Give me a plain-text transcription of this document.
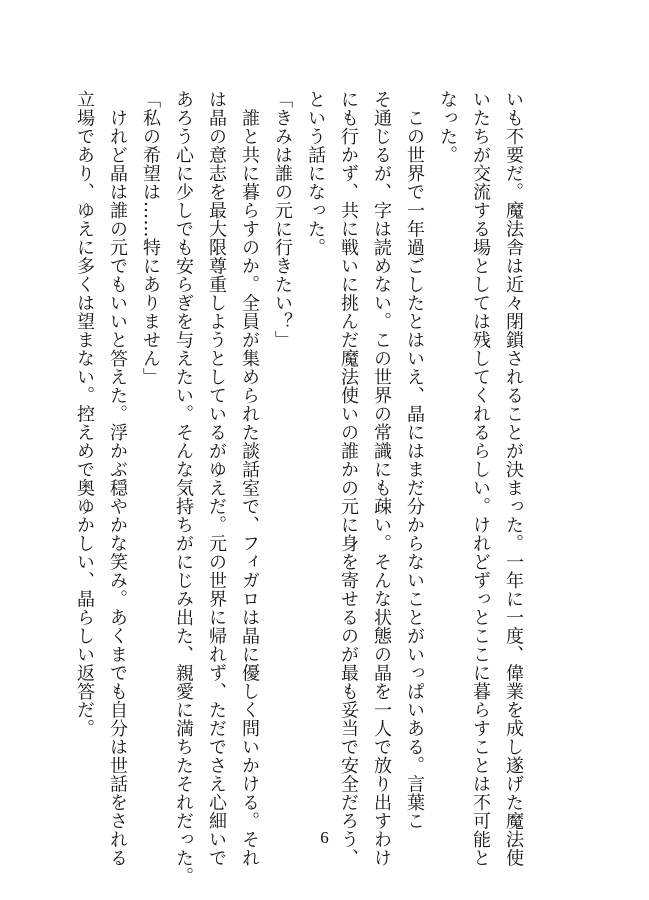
いも不要だ。魔法舎は近々閉鎖されることが決まった。一年に一度、偉業を成し遂げた魔法使

いたちが交流する場としては残してくれるらしい。けれどずっとここに暮らすことは不可能と

なった。

　この世界で一年過ごしたとはいえ、晶にはまだ分からないことがいっぱいある。言葉こ

そ通じるが、字は読めない。この世界の常識にも疎い。そんな状態の晶を一人で放り出すわけ

にも行かず、共に戦いに挑んだ魔法使いの誰かの元に身を寄せるのが最も妥当で安全だろう、

という話になった。

「きみは誰の元に行きたい？」

　誰と共に暮らすのか。全員が集められた談話室で、フィガロは晶に優しく問いかける。それ

は晶の意志を最大限尊重しようとしているがゆえだ。元の世界に帰れず、ただでさえ心細いで

あろう心に少しでも安らぎを与えたい。そんな気持ちがにじみ出た、親愛に満ちたそれだった。

「私の希望は……特にありません」

　けれど晶は誰の元でもいいと答えた。浮かぶ穏やかな笑み。あくまでも自分は世話をされる

立場であり、ゆえに多くは望まない。控えめで奥ゆかしい、晶らしい返答だ。

6
